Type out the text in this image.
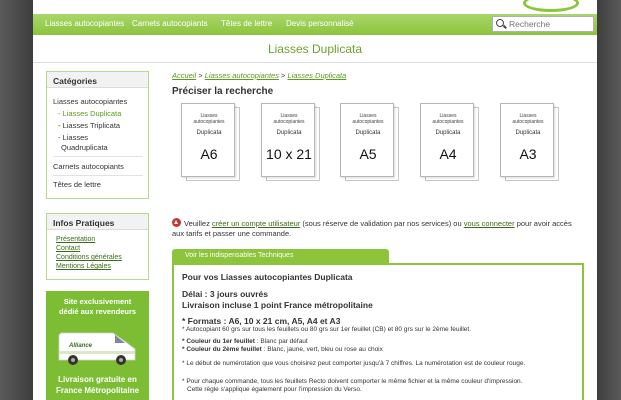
Liasses autocopiantes Carnets autocopiants Têtes de lettre Devis personnalisé
Recherche
Liasses Duplicata
Catégories
Liasses autocopiantes
- Liasses Duplicata
- Liasses Triplicata
- Liasses
Quadruplicata
Carnets autocopiants
Têtes de lettre
Infos Pratiques
Présentation
Contact
Conditions générales
Mentions Légales
Site exclusivement
dédié aux revendeurs
Alliance
Livraison gratuite en
France Métropolitaine
Accueil > Liasses autocopiantes > Liasses Duplicata
Préciser la recherche
Liasses
autocopiantes
Duplicata
A6
Liasses
autocopiantes
Duplicata
10 x 21
Liasses
autocopiantes
Duplicata
A5
Liasses
autocopiantes
Duplicata
A4
Liasses
autocopiantes
Duplicata
A3
Veuillez créer un compte utilisateur (sous réserve de validation par nos services) ou vous connecter pour avoir accès aux tarifs et passer une commande.
Voir les indispensables Techniques
Pour vos Liasses autocopiantes Duplicata
Délai : 3 jours ouvrés
Livraison incluse 1 point France métropolitaine
* Formats : A6, 10 x 21 cm, A5, A4 et A3
* Autocopiant 60 grs sur tous les feuillets ou 80 grs sur 1er feuillet (CB) et 80 grs sur le 2ème feuillet.
* Couleur du 1er feuillet : Blanc par défaut
* Couleur du 2ème feuillet : Blanc, jaune, vert, bleu ou rose au choix
* Le début de numérotation que vous choisirez peut comporter jusqu'à 7 chiffres. La numérotation est de couleur rouge.
* Pour chaque commande, tous les feuillets Recto doivent comporter le même fichier et la même couleur d'impression.
Cette règle s'applique également pour l'impression du Verso.
